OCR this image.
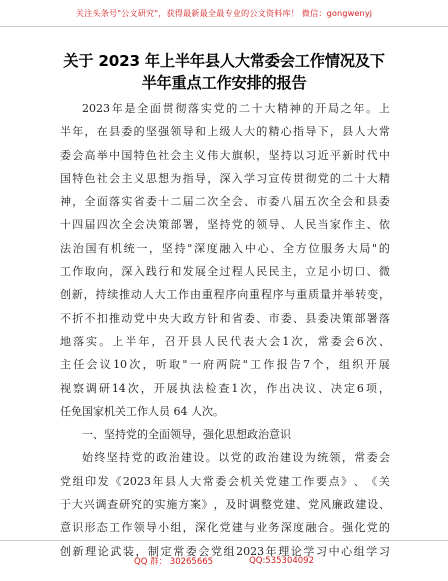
关注头条号"公文研究"，获得最新最全最专业的公文资料库！ 微信：gongwenyj
关于 2023 年上半年县人大常委会工作情况及下
半年重点工作安排的报告
2023 年 是 全 面 贯 彻 落 实 党 的 二 十 大 精 神 的 开 局 之 年 。 上
半 年 ， 在 县 委 的 坚 强 领 导 和 上 级 人 大 的 精 心 指 导 下 ， 县 人 大 常
委 会 高 举 中 国 特 色 社 会 主 义 伟 大 旗 帜 ， 坚 持 以 习 近 平 新 时 代 中
国 特 色 社 会 主 义 思 想 为 指 导 ， 深 入 学 习 宣 传 贯 彻 党 的 二 十 大 精
神 ， 全 面 落 实 省 委 十 二 届 二 次 全 会 、 市 委 八 届 五 次 全 会 和 县 委
十 四 届 四 次 全 会 决 策 部 署 ， 坚 持 党 的 领 导 、 人 民 当 家 作 主 、 依
法 治 国 有 机 统 一 ， 坚 持 " 深 度 融 入 中 心 、 全 方 位 服 务 大 局 " 的
工 作 取 向 ， 深 入 践 行 和 发 展 全 过 程 人 民 民 主 ， 立 足 小 切 口 、 微
创 新 ， 持 续 推 动 人 大 工 作 由 重 程 序 向 重 程 序 与 重 质 量 并 举 转 变 ，
不 折 不 扣 推 动 党 中 央 大 政 方 针 和 省 委 、 市 委 、 县 委 决 策 部 署 落
地 落 实 。 上 半 年 ， 召 开 县 人 民 代 表 大 会 1 次 ， 常 委 会 6 次 、
主 任 会 议 10 次 ， 听 取 " 一 府 两 院 " 工 作 报 告 7 个 ， 组 织 开 展
视 察 调 研 14 次 ， 开 展 执 法 检 查 1 次 ， 作 出 决 议 、 决 定 6 项 ，
任免国家机关工作人员 64 人次。
一、坚持党的全面领导，强化思想政治意识
始 终 坚 持 党 的 政 治 建 设 。 以 党 的 政 治 建 设 为 统 领 ， 常 委 会
党 组 印 发 《 2023 年 县 人 大 常 委 会 机 关 党 建 工 作 要 点 》 、 《 关
于 大 兴 调 查 研 究 的 实 施 方 案 》 ， 及 时 调 整 党 建 、 党 风 廉 政 建 设 、
意 识 形 态 工 作 领 导 小 组 ， 深 化 党 建 与 业 务 深 度 融 合 。 强 化 党 的
创 新 理 论 武 装 ， 制 定 常 委 会 党 组 2023 年 理 论 学 习 中 心 组 学 习
QQ 群： 30265665	QQ:535304092
